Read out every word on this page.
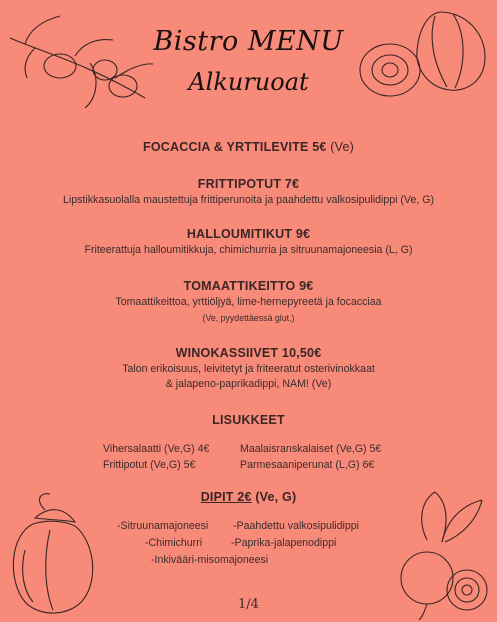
Bistro MENU
Alkuruoat
FOCACCIA & YRTTILEVITE 5€ (Ve)
FRITTIPOTUT 7€
Lipstikkasuolalla maustettuja frittiperunoita ja paahdettu valkosipulidippi (Ve, G)
HALLOUMITIKUT 9€
Friteerattuja halloumitikkuja, chimichurria ja sitruunamajoneesia (L, G)
TOMAATTIKEITTO 9€
Tomaattikeittoa, yrttiöljyä, lime-hernepyreetä ja focacciaa
(Ve, pyydettäessä glut.)
WINOKASSIIVET 10,50€
Talon erikoisuus, leivitetyt ja friteeratut osterivinokkaat
& jalapeno-paprikadippi, NAM! (Ve)
LISUKKEET
Vihersalaatti (Ve,G) 4€
Frittipotut (Ve,G) 5€
Maalaisranskalaiset (Ve,G) 5€
Parmesaaniperunat (L,G) 6€
DIPIT 2€ (Ve, G)
-Sitruunamajoneesi -Paahdettu valkosipulidippi
-Chimichurri	-Paprika-jalapenodippi
-Inkivääri-misomajoneesi
1/4
